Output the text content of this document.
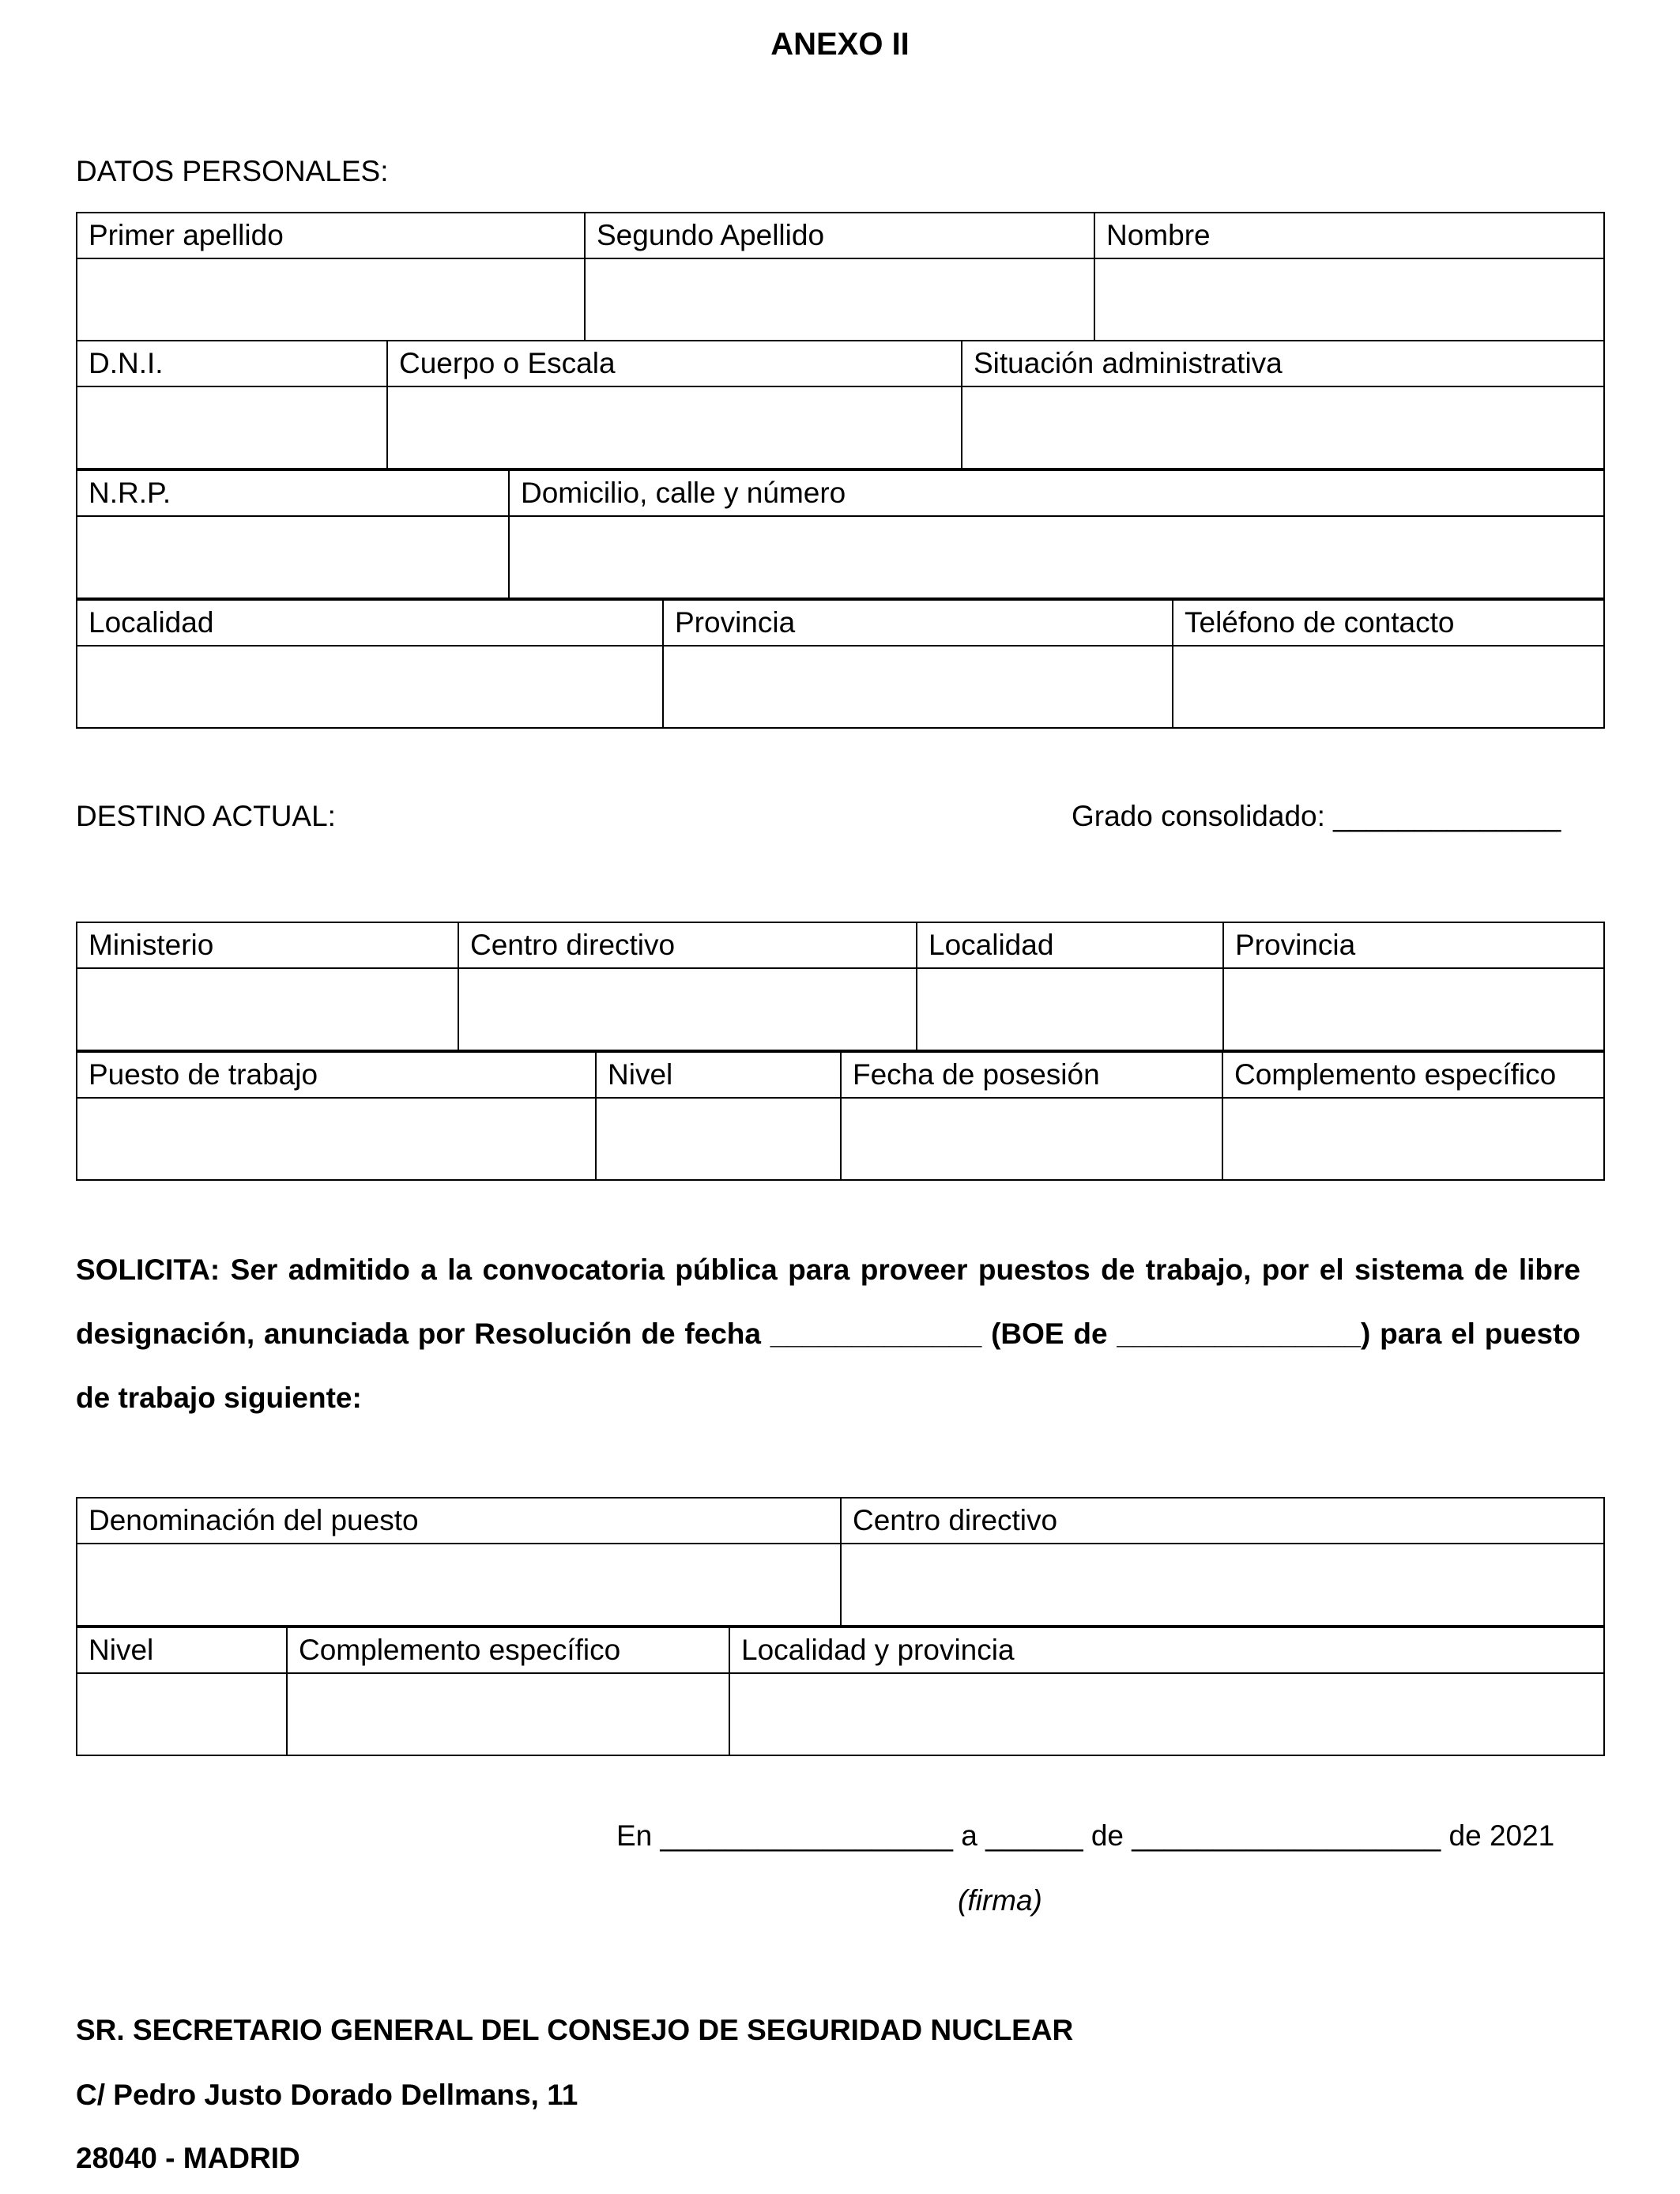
ANEXO II
DATOS PERSONALES:
Primer apellido	Segundo Apellido	Nombre

D.N.I.	Cuerpo o Escala	Situación administrativa

N.R.P.	Domicilio, calle y número

Localidad	Provincia	Teléfono de contacto

DESTINO ACTUAL:	Grado consolidado: ______________
Ministerio	Centro directivo	Localidad	Provincia

Puesto de trabajo	Nivel	Fecha de posesión	Complemento específico

SOLICITA: Ser admitido a la convocatoria pública para proveer puestos de trabajo, por el sistema de libre designación, anunciada por Resolución de fecha _____________ (BOE de _______________) para el puesto de trabajo siguiente:
Denominación del puesto	Centro directivo

Nivel	Complemento específico	Localidad y provincia

En __________________ a ______ de ___________________ de 2021
(firma)
SR. SECRETARIO GENERAL DEL CONSEJO DE SEGURIDAD NUCLEAR
C/ Pedro Justo Dorado Dellmans, 11
28040 - MADRID
